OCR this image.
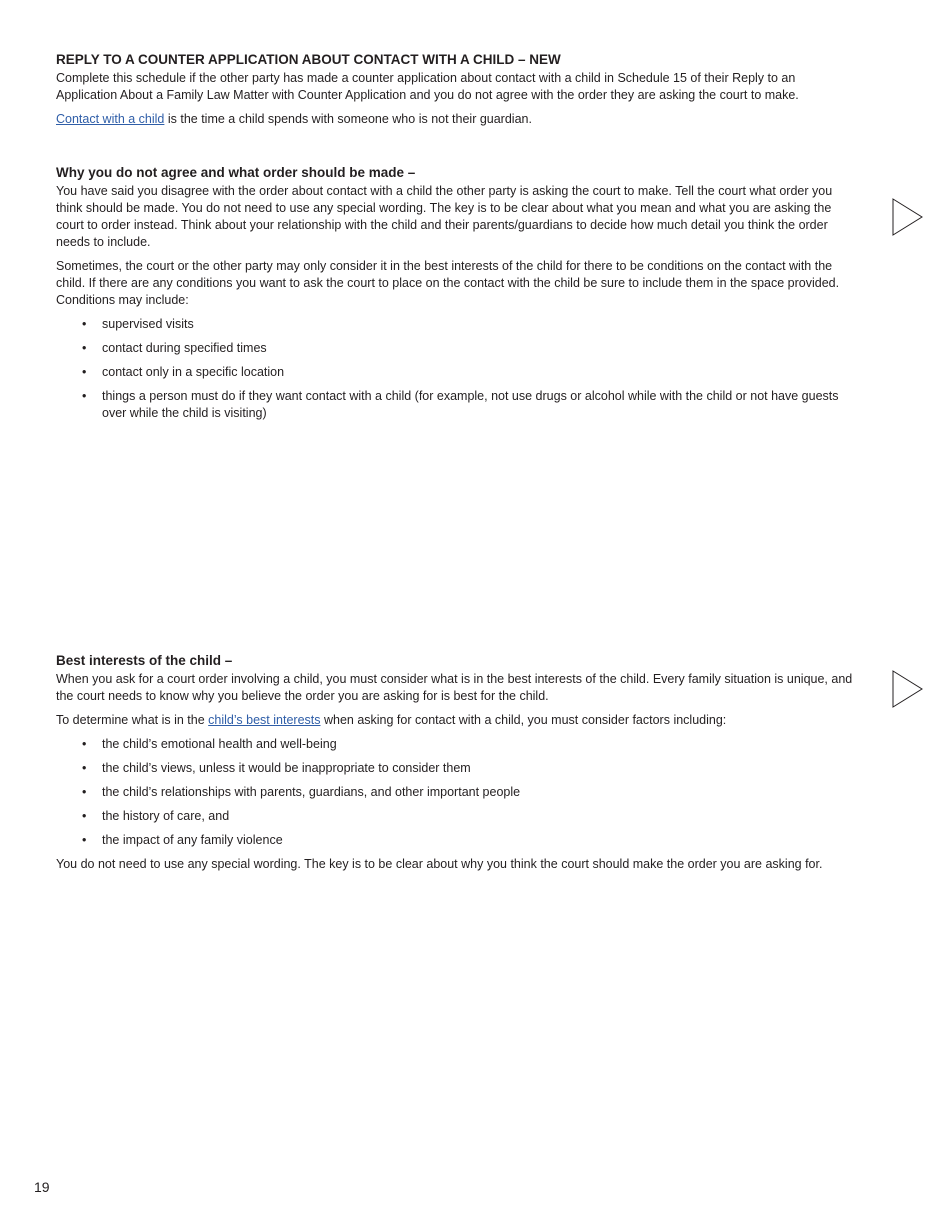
REPLY TO A COUNTER APPLICATION ABOUT CONTACT WITH A CHILD – NEW

Complete this schedule if the other party has made a counter application about contact with a child in Schedule 15 of their Reply to an Application About a Family Law Matter with Counter Application and you do not agree with the order they are asking the court to make.

Contact with a child is the time a child spends with someone who is not their guardian.

Why you do not agree and what order should be made –

You have said you disagree with the order about contact with a child the other party is asking the court to make. Tell the court what order you think should be made. You do not need to use any special wording. The key is to be clear about what you mean and what you are asking the court to order instead. Think about your relationship with the child and their parents/guardians to decide how much detail you think the order needs to include.

Sometimes, the court or the other party may only consider it in the best interests of the child for there to be conditions on the contact with the child. If there are any conditions you want to ask the court to place on the contact with the child be sure to include them in the space provided. Conditions may include:

• supervised visits
• contact during specified times
• contact only in a specific location
• things a person must do if they want contact with a child (for example, not use drugs or alcohol while with the child or not have guests over while the child is visiting)
Best interests of the child –

When you ask for a court order involving a child, you must consider what is in the best interests of the child. Every family situation is unique, and the court needs to know why you believe the order you are asking for is best for the child.

To determine what is in the child’s best interests when asking for contact with a child, you must consider factors including:

• the child’s emotional health and well-being
• the child’s views, unless it would be inappropriate to consider them
• the child’s relationships with parents, guardians, and other important people
• the history of care, and
• the impact of any family violence

You do not need to use any special wording. The key is to be clear about why you think the court should make the order you are asking for.

19
